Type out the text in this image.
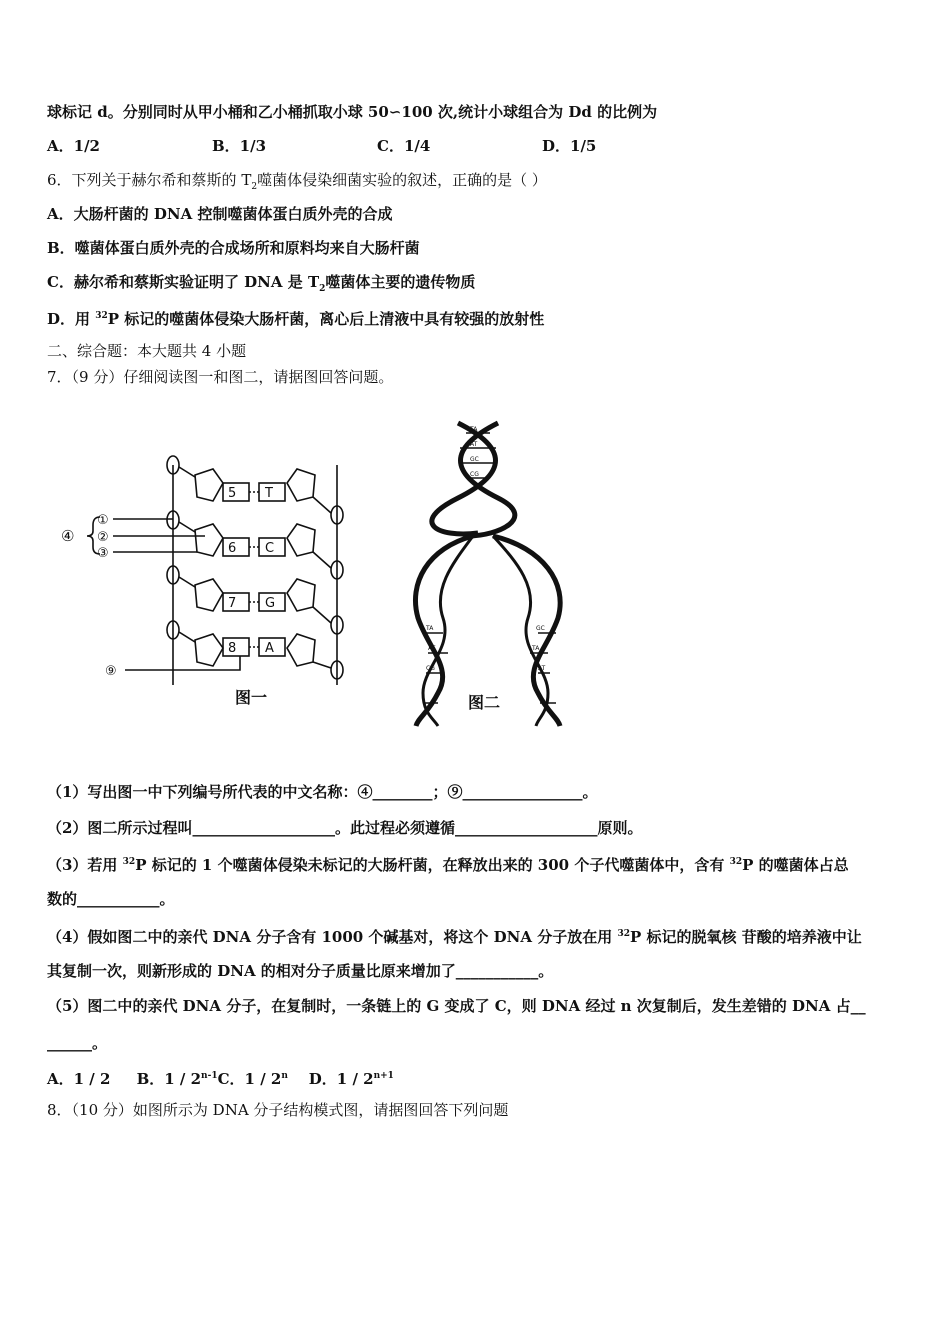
球标记 d。分别同时从甲小桶和乙小桶抓取小球 50∽100 次,统计小球组合为 Dd 的比例为
A．1/2	B．1/3	C．1/4	D．1/5
6．下列关于赫尔希和蔡斯的 $T_2$噬菌体侵染细菌实验的叙述，正确的是（ ）
A．大肠杆菌的 DNA 控制噬菌体蛋白质外壳的合成
B．噬菌体蛋白质外壳的合成场所和原料均来自大肠杆菌
C．赫尔希和蔡斯实验证明了 DNA 是 $T_2$噬菌体主要的遗传物质
D．用 $^{32}$P 标记的噬菌体侵染大肠杆菌，离心后上清液中具有较强的放射性
二、综合题：本大题共 4 小题
7．（9 分）仔细阅读图一和图二，请据图回答问题。
5
6
7
8
T
C
G
A
④
①
②
③
⑨
图一
TA
AT
GC
CG
TA
AT
CG
GC
TA
AT
图二
（1）写出图一中下列编号所代表的中文名称：④________；⑨________________。
（2）图二所示过程叫___________________。此过程必须遵循___________________原则。
（3）若用 $^{32}$P 标记的 1 个噬菌体侵染未标记的大肠杆菌，在释放出来的 300 个子代噬菌体中，含有 $^{32}$P 的噬菌体占总
数的___________。
（4）假如图二中的亲代 DNA 分子含有 1000 个碱基对，将这个 DNA 分子放在用 $^{32}$P 标记的脱氧核 苷酸的培养液中让
其复制一次，则新形成的 DNA 的相对分子质量比原来增加了___________。
（5）图二中的亲代 DNA 分子，在复制时，一条链上的 G 变成了 C，则 DNA 经过 n 次复制后，发生差错的 DNA 占__
______。
A．1 / 2 B．1 / 2$^{n-1}$C．1 / 2$^n$ D．$1 / 2^{n+1}$
8．（10 分）如图所示为 DNA 分子结构模式图，请据图回答下列问题
